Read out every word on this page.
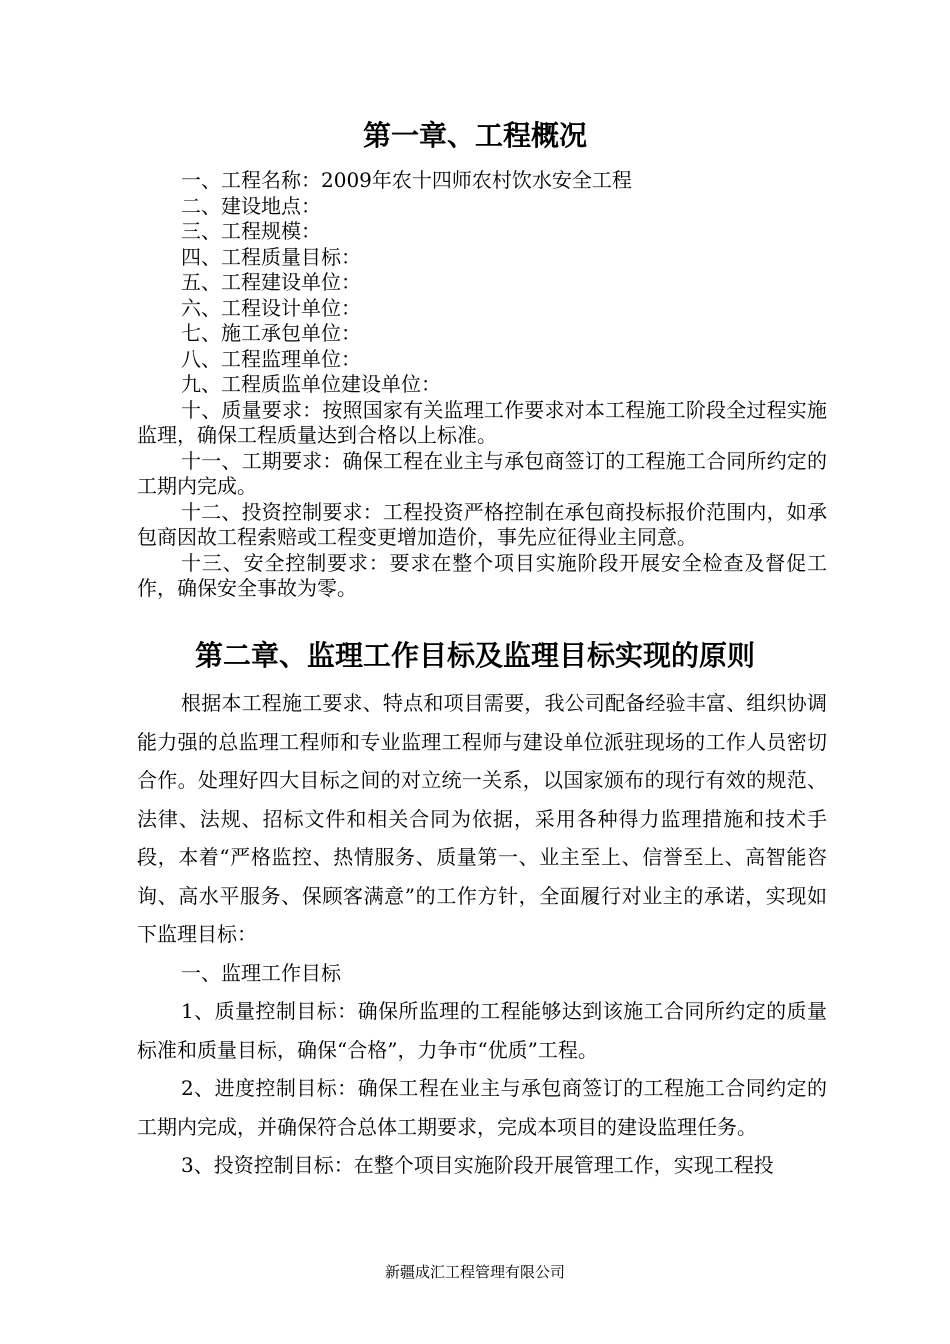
第一章、工程概况

一、工程名称：2009年农十四师农村饮水安全工程

二、建设地点：

三、工程规模：

四、工程质量目标：

五、工程建设单位：

六、工程设计单位：

七、施工承包单位：

八、工程监理单位：

九、工程质监单位建设单位：

十、质量要求：按照国家有关监理工作要求对本工程施工阶段全过程实施监理，确保工程质量达到合格以上标准。

十一、工期要求：确保工程在业主与承包商签订的工程施工合同所约定的工期内完成。

十二、投资控制要求：工程投资严格控制在承包商投标报价范围内，如承包商因故工程索赔或工程变更增加造价，事先应征得业主同意。

十三、安全控制要求：要求在整个项目实施阶段开展安全检查及督促工作，确保安全事故为零。

第二章、监理工作目标及监理目标实现的原则

根据本工程施工要求、特点和项目需要，我公司配备经验丰富、组织协调能力强的总监理工程师和专业监理工程师与建设单位派驻现场的工作人员密切合作。处理好四大目标之间的对立统一关系，以国家颁布的现行有效的规范、法律、法规、招标文件和相关合同为依据，采用各种得力监理措施和技术手段，本着“严格监控、热情服务、质量第一、业主至上、信誉至上、高智能咨询、高水平服务、保顾客满意”的工作方针，全面履行对业主的承诺，实现如下监理目标：

一、监理工作目标

1、质量控制目标：确保所监理的工程能够达到该施工合同所约定的质量标准和质量目标，确保“合格”，力争市“优质”工程。

2、进度控制目标：确保工程在业主与承包商签订的工程施工合同约定的工期内完成，并确保符合总体工期要求，完成本项目的建设监理任务。

3、投资控制目标：在整个项目实施阶段开展管理工作，实现工程投

新疆成汇工程管理有限公司
